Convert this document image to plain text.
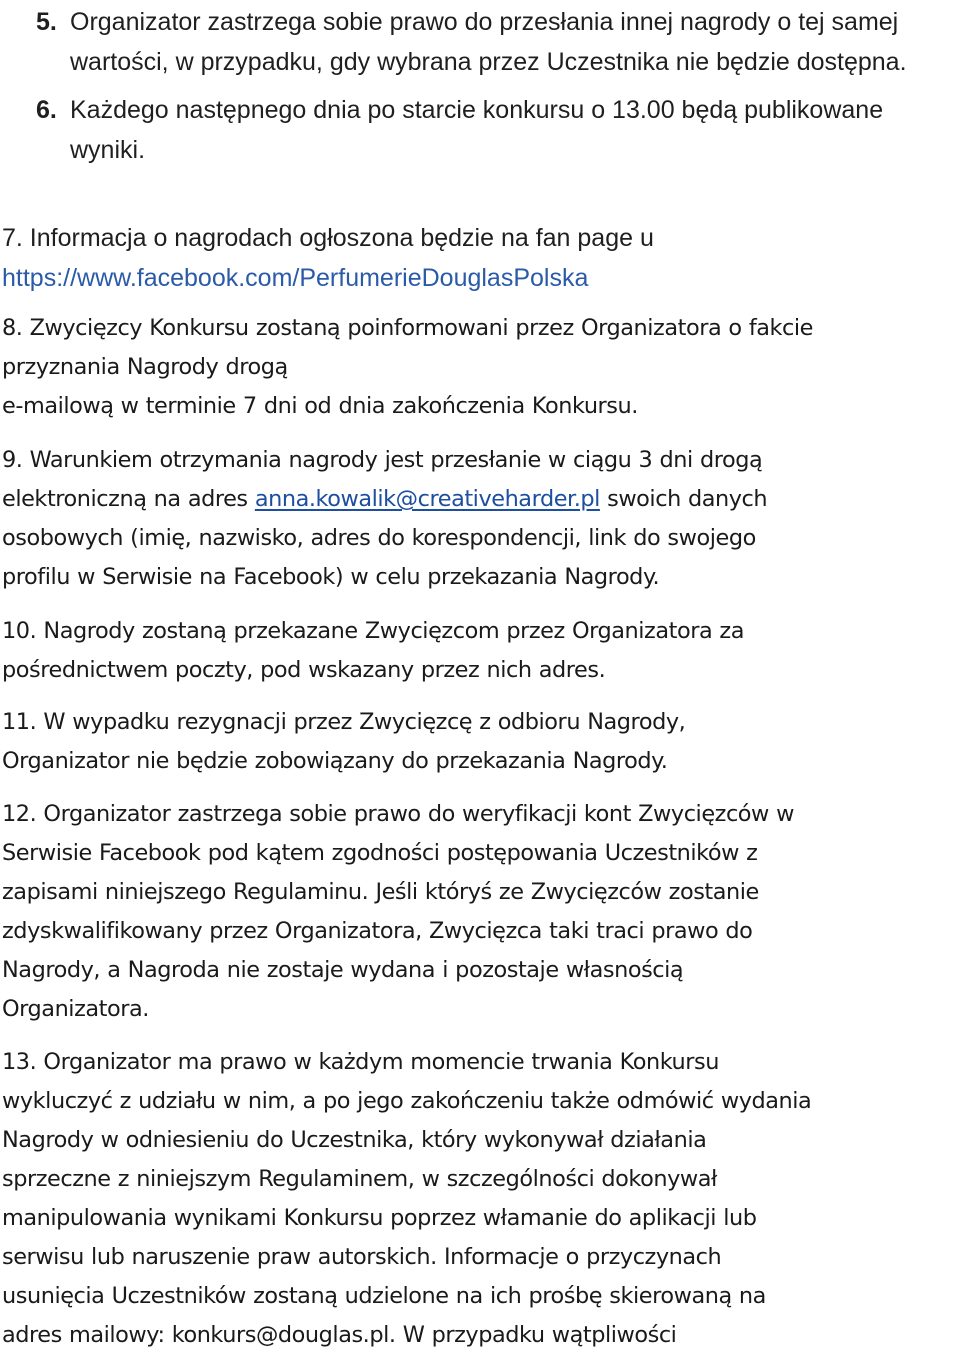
5. Organizator zastrzega sobie prawo do przesłania innej nagrody o tej samej wartości, w przypadku, gdy wybrana przez Uczestnika nie będzie dostępna.
6. Każdego następnego dnia po starcie konkursu o 13.00 będą publikowane wyniki.
7. Informacja o nagrodach ogłoszona będzie na fan page u
https://www.facebook.com/PerfumerieDouglasPolska
8. Zwycięzcy Konkursu zostaną poinformowani przez Organizatora o fakcie
przyznania Nagrody drogą
e-mailową w terminie 7 dni od dnia zakończenia Konkursu.
9. Warunkiem otrzymania nagrody jest przesłanie w ciągu 3 dni drogą
elektroniczną na adres anna.kowalik@creativeharder.pl swoich danych
osobowych (imię, nazwisko, adres do korespondencji, link do swojego
profilu w Serwisie na Facebook) w celu przekazania Nagrody.
10. Nagrody zostaną przekazane Zwycięzcom przez Organizatora za
pośrednictwem poczty, pod wskazany przez nich adres.
11. W wypadku rezygnacji przez Zwycięzcę z odbioru Nagrody,
Organizator nie będzie zobowiązany do przekazania Nagrody.
12. Organizator zastrzega sobie prawo do weryfikacji kont Zwycięzców w
Serwisie Facebook pod kątem zgodności postępowania Uczestników z
zapisami niniejszego Regulaminu. Jeśli któryś ze Zwycięzców zostanie
zdyskwalifikowany przez Organizatora, Zwycięzca taki traci prawo do
Nagrody, a Nagroda nie zostaje wydana i pozostaje własnością
Organizatora.
13. Organizator ma prawo w każdym momencie trwania Konkursu
wykluczyć z udziału w nim, a po jego zakończeniu także odmówić wydania
Nagrody w odniesieniu do Uczestnika, który wykonywał działania
sprzeczne z niniejszym Regulaminem, w szczególności dokonywał
manipulowania wynikami Konkursu poprzez włamanie do aplikacji lub
serwisu lub naruszenie praw autorskich. Informacje o przyczynach
usunięcia Uczestników zostaną udzielone na ich prośbę skierowaną na
adres mailowy: konkurs@douglas.pl. W przypadku wątpliwości
